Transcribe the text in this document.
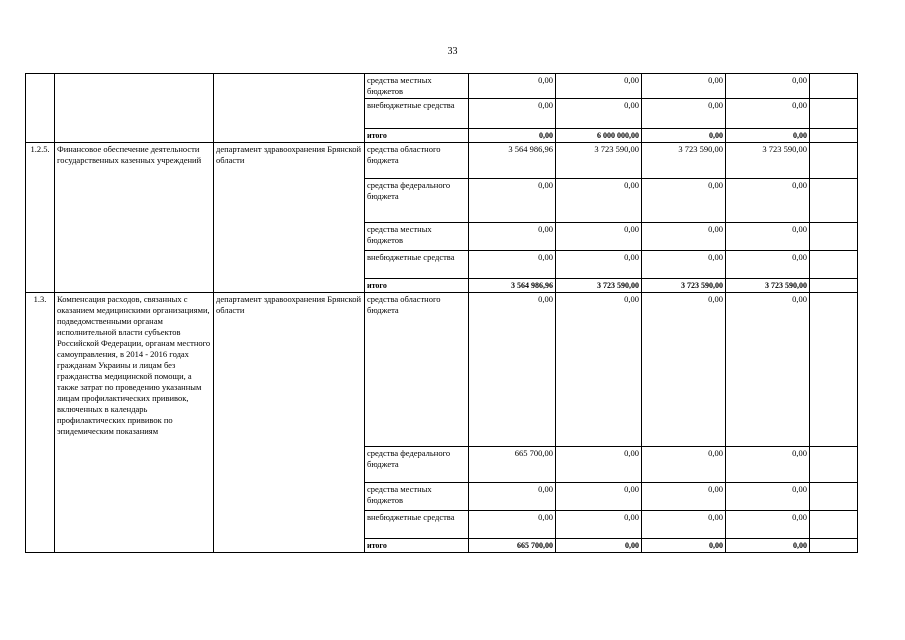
33
			средства местных бюджетов	0,00	0,00	0,00	0,00	
			внебюджетные средства	0,00	0,00	0,00	0,00	
			итого	0,00	6 000 000,00	0,00	0,00	
1.2.5.	Финансовое обеспечение деятельности государственных казенных учреждений	департамент здравоохранения Брянской области	средства областного бюджета	3 564 986,96	3 723 590,00	3 723 590,00	3 723 590,00	
			средства федерального бюджета	0,00	0,00	0,00	0,00	
			средства местных бюджетов	0,00	0,00	0,00	0,00	
			внебюджетные средства	0,00	0,00	0,00	0,00	
			итого	3 564 986,96	3 723 590,00	3 723 590,00	3 723 590,00	
1.3.	Компенсация расходов, связанных с оказанием медицинскими организациями, подведомственными органам исполнительной власти субъектов Российской Федерации, органам местного самоуправления, в 2014 - 2016 годах гражданам Украины и лицам без гражданства медицинской помощи, а также затрат по проведению указанным лицам профилактических прививок, включенных в календарь профилактических прививок по эпидемическим показаниям	департамент здравоохранения Брянской области	средства областного бюджета	0,00	0,00	0,00	0,00	
			средства федерального бюджета	665 700,00	0,00	0,00	0,00	
			средства местных бюджетов	0,00	0,00	0,00	0,00	
			внебюджетные средства	0,00	0,00	0,00	0,00	
			итого	665 700,00	0,00	0,00	0,00	
